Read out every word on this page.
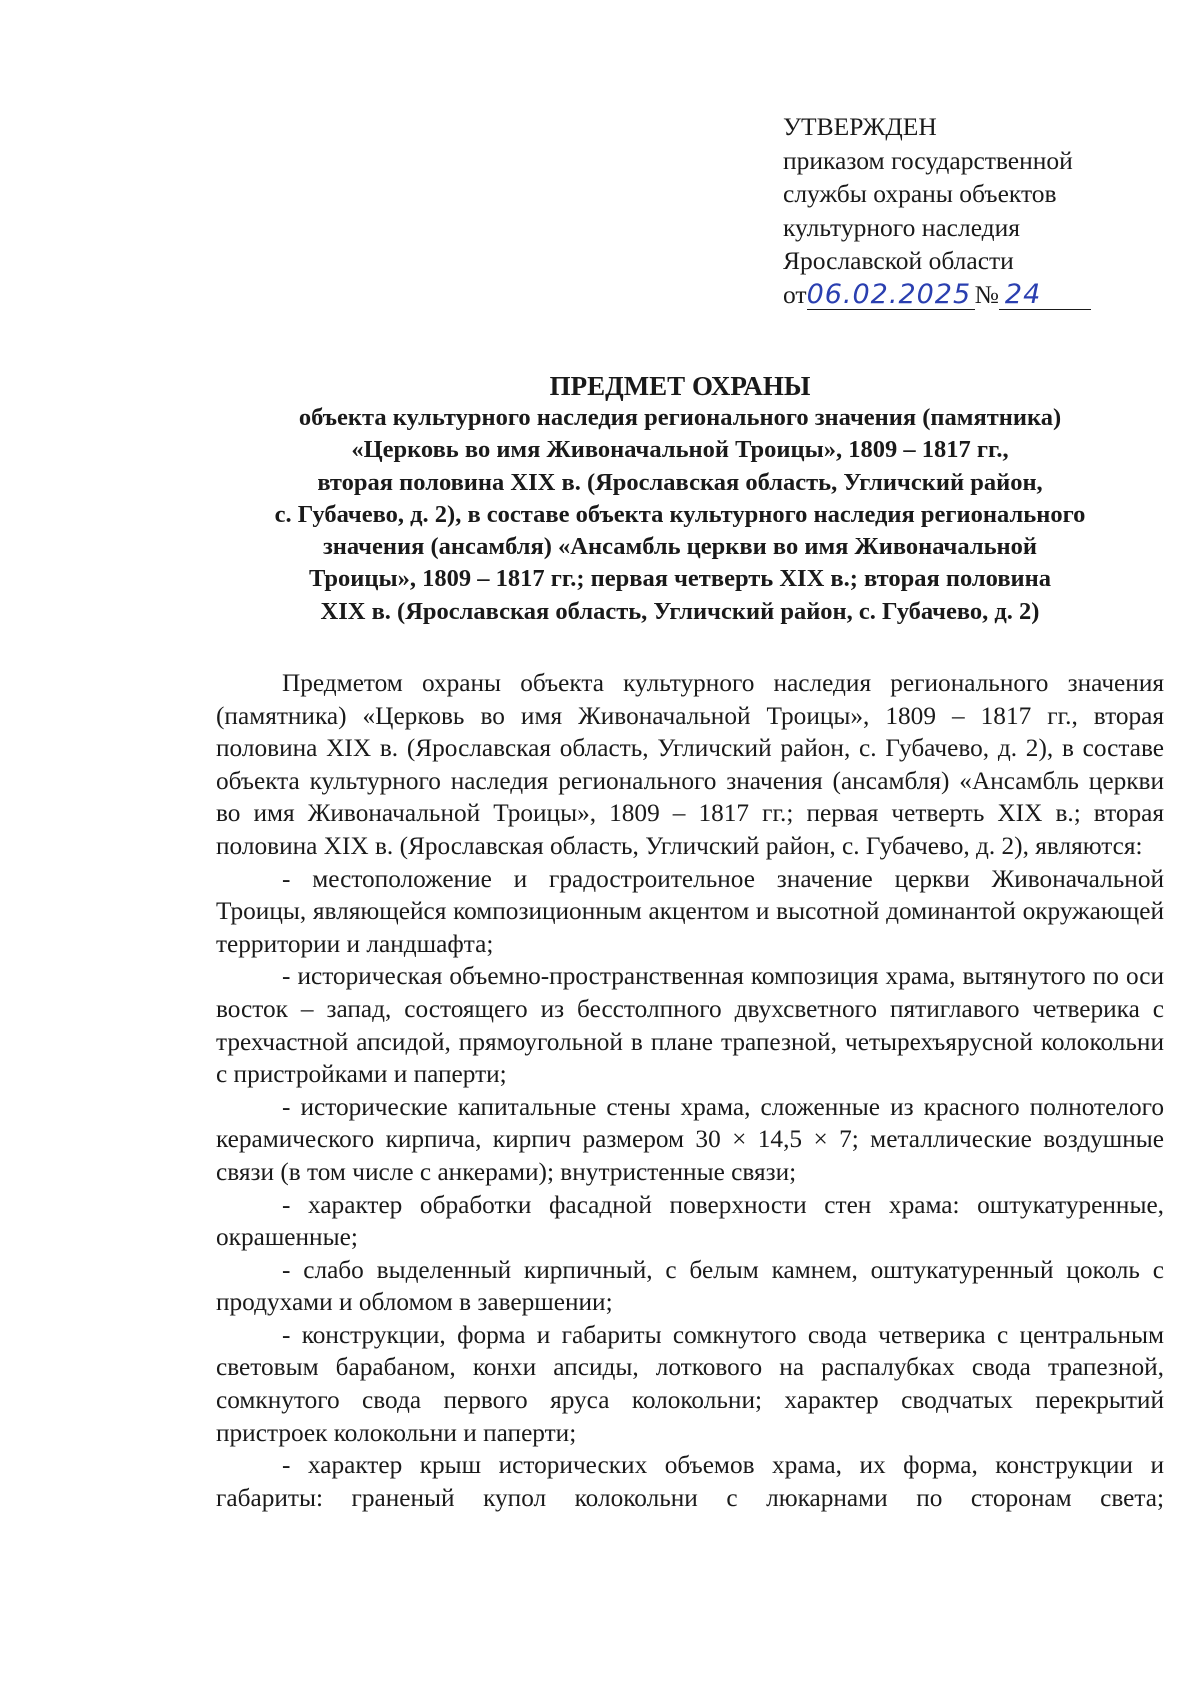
УТВЕРЖДЕН
приказом государственной
службы охраны объектов
культурного наследия
Ярославской области
от06.02.2025 № 24
ПРЕДМЕТ ОХРАНЫ
объекта культурного наследия регионального значения (памятника)
«Церковь во имя Живоначальной Троицы», 1809 – 1817 гг.,
вторая половина XIX в. (Ярославская область, Угличский район,
с. Губачево, д. 2), в составе объекта культурного наследия регионального
значения (ансамбля) «Ансамбль церкви во имя Живоначальной
Троицы», 1809 – 1817 гг.; первая четверть XIX в.; вторая половина
XIX в. (Ярославская область, Угличский район, с. Губачево, д. 2)

Предметом охраны объекта культурного наследия регионального значения (памятника) «Церковь во имя Живоначальной Троицы», 1809 – 1817 гг., вторая половина XIX в. (Ярославская область, Угличский район, с. Губачево, д. 2), в составе объекта культурного наследия регионального значения (ансамбля) «Ансамбль церкви во имя Живоначальной Троицы», 1809 – 1817 гг.; первая четверть XIX в.; вторая половина XIX в. (Ярославская область, Угличский район, с. Губачево, д. 2), являются:

- местоположение и градостроительное значение церкви Живоначальной Троицы, являющейся композиционным акцентом и высотной доминантой окружающей территории и ландшафта;

- историческая объемно-пространственная композиция храма, вытянутого по оси восток – запад, состоящего из бесстолпного двухсветного пятиглавого четверика с трехчастной апсидой, прямоугольной в плане трапезной, четырехъярусной колокольни с пристройками и паперти;

- исторические капитальные стены храма, сложенные из красного полнотелого керамического кирпича, кирпич размером 30 × 14,5 × 7; металлические воздушные связи (в том числе с анкерами); внутристенные связи;

- характер обработки фасадной поверхности стен храма: оштукатуренные, окрашенные;

- слабо выделенный кирпичный, с белым камнем, оштукатуренный цоколь с продухами и обломом в завершении;

- конструкции, форма и габариты сомкнутого свода четверика с центральным световым барабаном, конхи апсиды, лоткового на распалубках свода трапезной, сомкнутого свода первого яруса колокольни; характер сводчатых перекрытий пристроек колокольни и паперти;

- характер крыш исторических объемов храма, их форма, конструкции и габариты: граненый купол колокольни с люкарнами по сторонам света;
